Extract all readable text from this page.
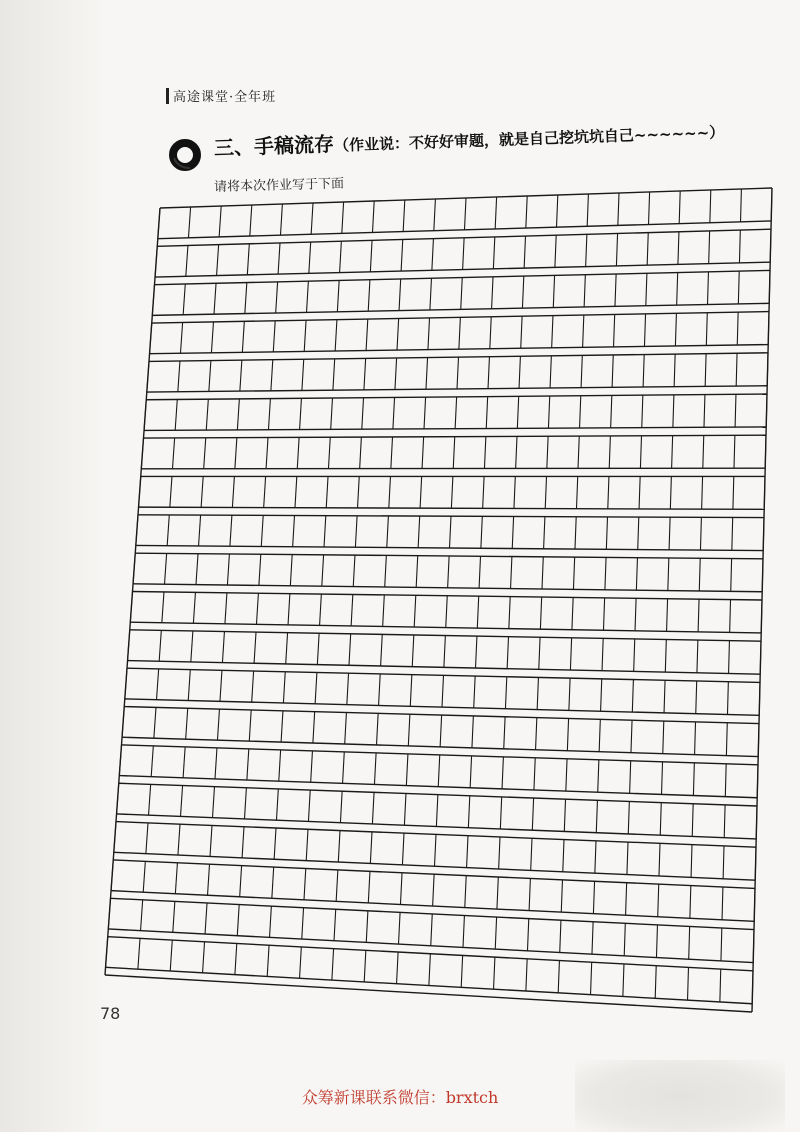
高途课堂·全年班
三、手稿流存（作业说：不好好审题，就是自己挖坑坑自己~~~~~~）
请将本次作业写于下面
78
众筹新课联系微信：brxtch
